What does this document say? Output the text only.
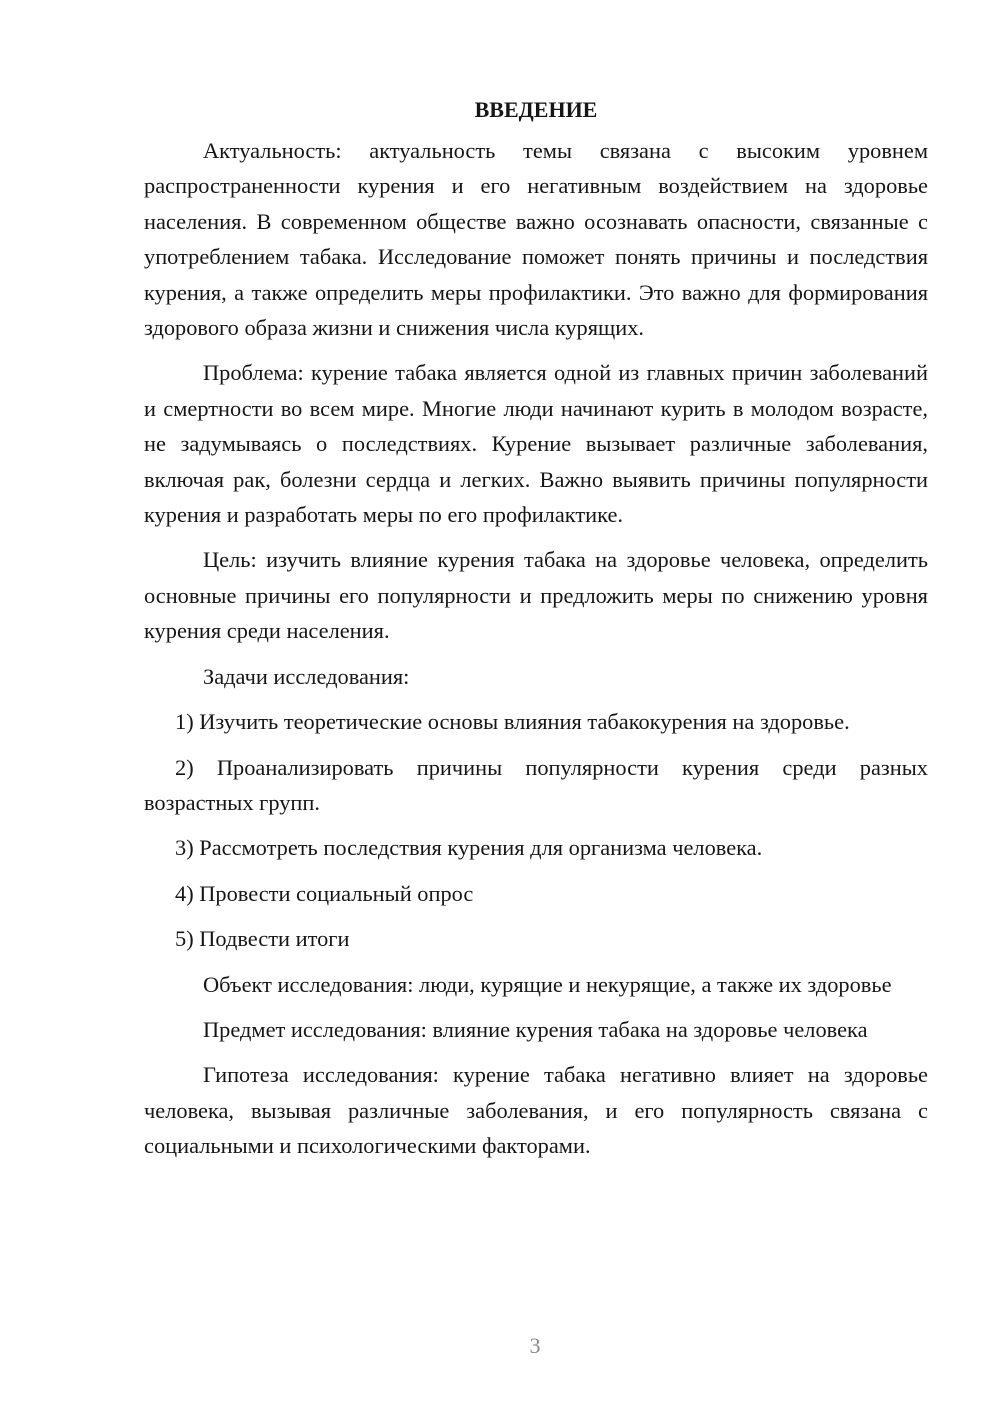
ВВЕДЕНИЕ

Актуальность: актуальность темы связана с высоким уровнем распространенности курения и его негативным воздействием на здоровье населения. В современном обществе важно осознавать опасности, связанные с употреблением табака. Исследование поможет понять причины и последствия курения, а также определить меры профилактики. Это важно для формирования здорового образа жизни и снижения числа курящих.

Проблема: курение табака является одной из главных причин заболеваний и смертности во всем мире. Многие люди начинают курить в молодом возрасте, не задумываясь о последствиях. Курение вызывает различные заболевания, включая рак, болезни сердца и легких. Важно выявить причины популярности курения и разработать меры по его профилактике.

Цель: изучить влияние курения табака на здоровье человека, определить основные причины его популярности и предложить меры по снижению уровня курения среди населения.

Задачи исследования:

1) Изучить теоретические основы влияния табакокурения на здоровье.

2) Проанализировать причины популярности курения среди разных возрастных групп.

3) Рассмотреть последствия курения для организма человека.

4) Провести социальный опрос

5) Подвести итоги

Объект исследования: люди, курящие и некурящие, а также их здоровье

Предмет исследования: влияние курения табака на здоровье человека

Гипотеза исследования: курение табака негативно влияет на здоровье человека, вызывая различные заболевания, и его популярность связана с социальными и психологическими факторами.

3
